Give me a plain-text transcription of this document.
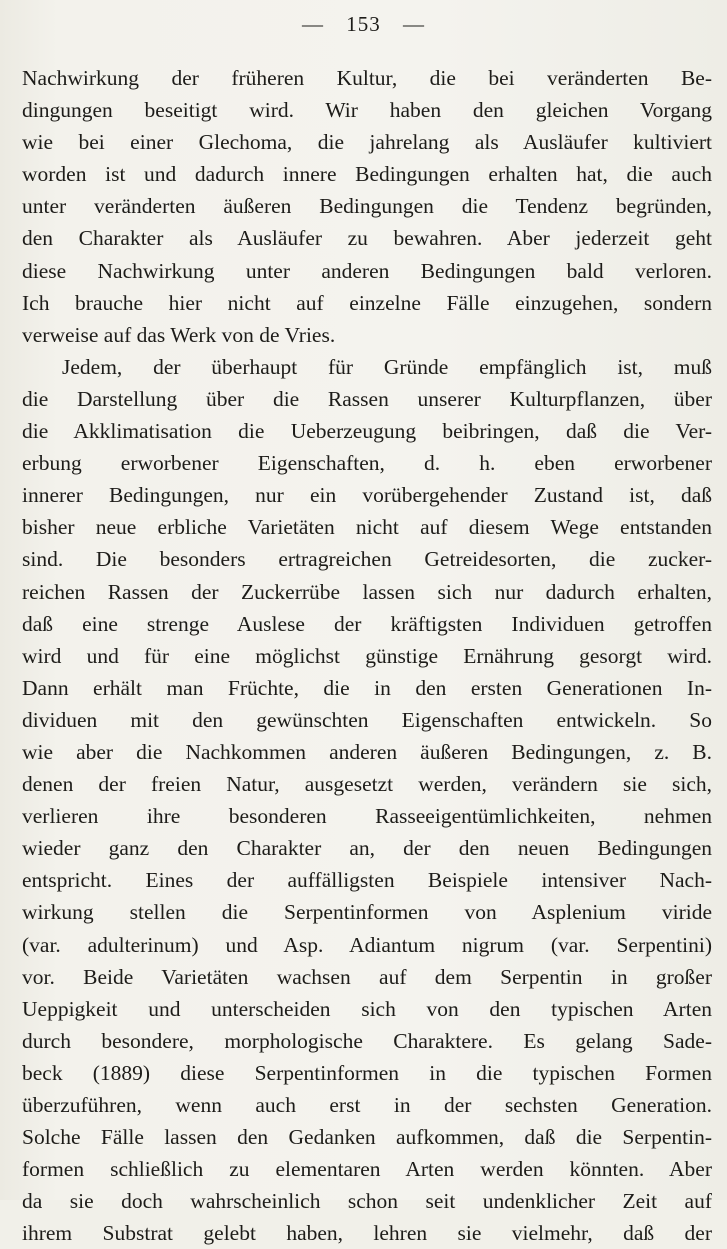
— 153 —
Nachwirkung der früheren Kultur, die bei veränderten Be-
dingungen beseitigt wird. Wir haben den gleichen Vorgang
wie bei einer Glechoma, die jahrelang als Ausläufer kultiviert
worden ist und dadurch innere Bedingungen erhalten hat, die auch
unter veränderten äußeren Bedingungen die Tendenz begründen,
den Charakter als Ausläufer zu bewahren. Aber jederzeit geht
diese Nachwirkung unter anderen Bedingungen bald verloren.
Ich brauche hier nicht auf einzelne Fälle einzugehen, sondern
verweise auf das Werk von de Vries.
Jedem, der überhaupt für Gründe empfänglich ist, muß
die Darstellung über die Rassen unserer Kulturpflanzen, über
die Akklimatisation die Ueberzeugung beibringen, daß die Ver-
erbung erworbener Eigenschaften, d. h. eben erworbener
innerer Bedingungen, nur ein vorübergehender Zustand ist, daß
bisher neue erbliche Varietäten nicht auf diesem Wege entstanden
sind. Die besonders ertragreichen Getreidesorten, die zucker-
reichen Rassen der Zuckerrübe lassen sich nur dadurch erhalten,
daß eine strenge Auslese der kräftigsten Individuen getroffen
wird und für eine möglichst günstige Ernährung gesorgt wird.
Dann erhält man Früchte, die in den ersten Generationen In-
dividuen mit den gewünschten Eigenschaften entwickeln. So
wie aber die Nachkommen anderen äußeren Bedingungen, z. B.
denen der freien Natur, ausgesetzt werden, verändern sie sich,
verlieren ihre besonderen Rasseeigentümlichkeiten, nehmen
wieder ganz den Charakter an, der den neuen Bedingungen
entspricht. Eines der auffälligsten Beispiele intensiver Nach-
wirkung stellen die Serpentinformen von Asplenium viride
(var. adulterinum) und Asp. Adiantum nigrum (var. Serpentini)
vor. Beide Varietäten wachsen auf dem Serpentin in großer
Ueppigkeit und unterscheiden sich von den typischen Arten
durch besondere, morphologische Charaktere. Es gelang Sade-
beck (1889) diese Serpentinformen in die typischen Formen
überzuführen, wenn auch erst in der sechsten Generation.
Solche Fälle lassen den Gedanken aufkommen, daß die Serpentin-
formen schließlich zu elementaren Arten werden könnten. Aber
da sie doch wahrscheinlich schon seit undenklicher Zeit auf
ihrem Substrat gelebt haben, lehren sie vielmehr, daß der
